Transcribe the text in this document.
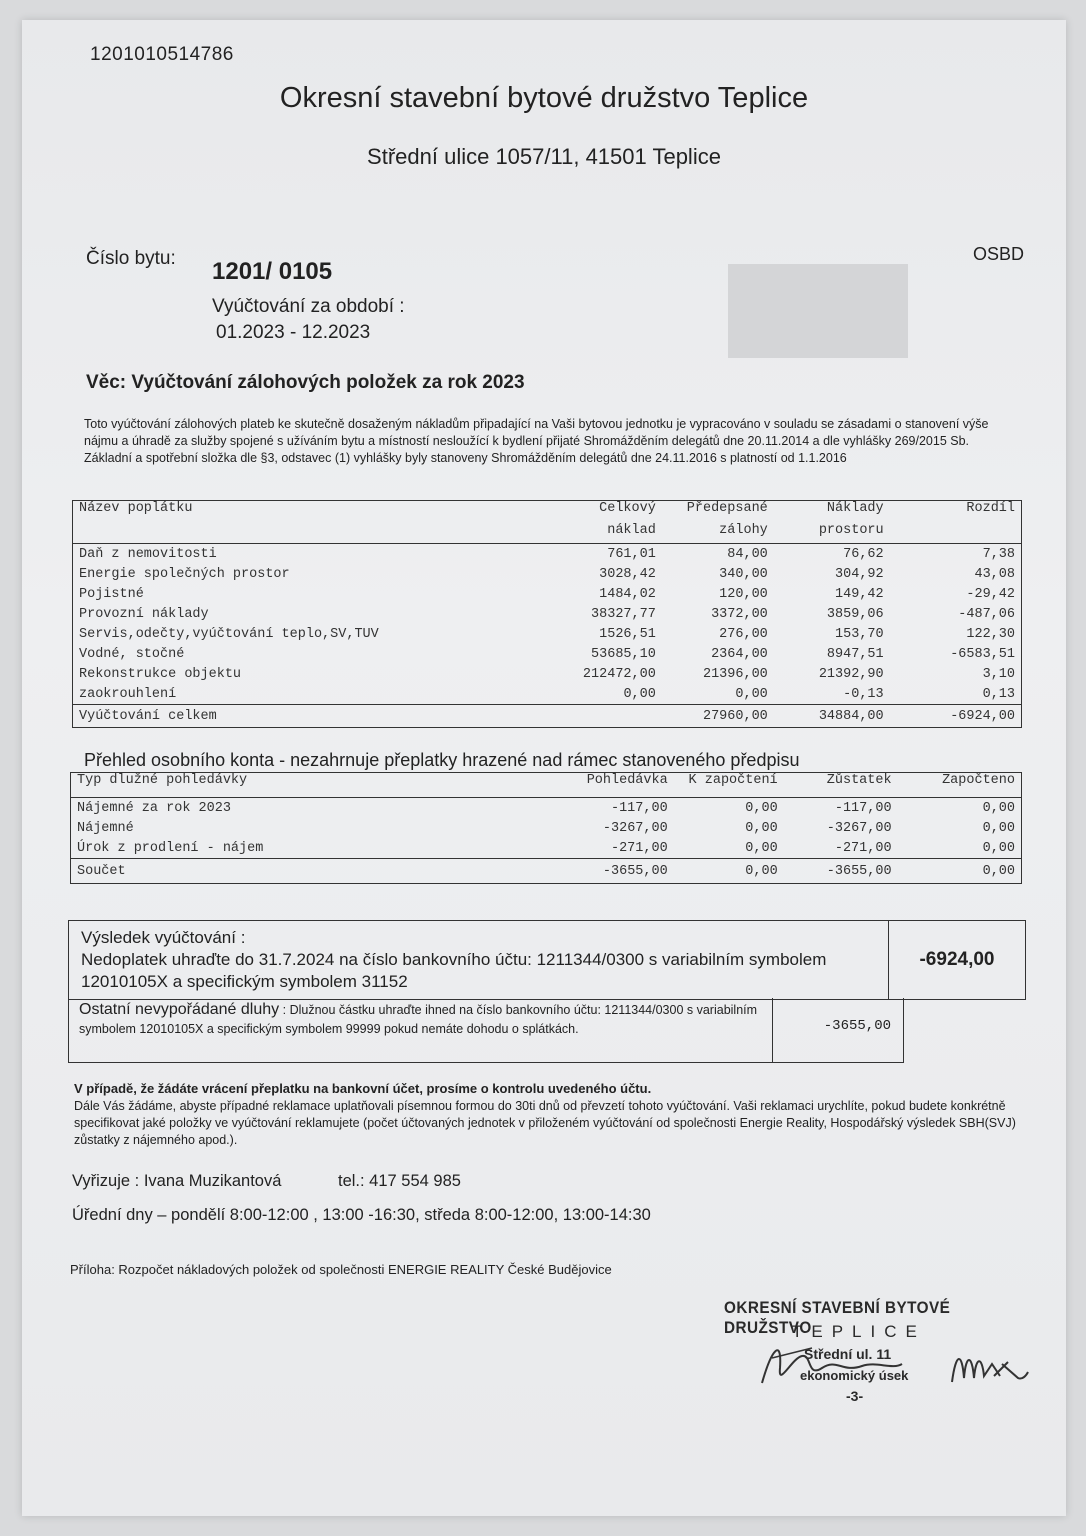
1201010514786
Okresní stavební bytové družstvo Teplice
Střední ulice 1057/11, 41501 Teplice
Číslo bytu: 1201/ 0105
Vyúčtování za období :
01.2023 - 12.2023
OSBD
Věc: Vyúčtování zálohových položek za rok 2023
Toto vyúčtování zálohových plateb ke skutečně dosaženým nákladům připadající na Vaši bytovou jednotku je vypracováno v souladu se zásadami o stanovení výše nájmu a úhradě za služby spojené s užíváním bytu a místností nesloužící k bydlení přijaté Shromážděním delegátů dne 20.11.2014 a dle vyhlášky 269/2015 Sb. Základní a spotřební složka dle §3, odstavec (1) vyhlášky byly stanoveny Shromážděním delegátů dne 24.11.2016 s platností od 1.1.2016
Název poplátku	Celkový	Předepsané	Náklady	Rozdíl
	náklad	zálohy	prostoru	
Daň z nemovitosti	761,01	84,00	76,62	7,38
Energie společných prostor	3028,42	340,00	304,92	43,08
Pojistné	1484,02	120,00	149,42	-29,42
Provozní náklady	38327,77	3372,00	3859,06	-487,06
Servis,odečty,vyúčtování teplo,SV,TUV	1526,51	276,00	153,70	122,30
Vodné, stočné	53685,10	2364,00	8947,51	-6583,51
Rekonstrukce objektu	212472,00	21396,00	21392,90	3,10
zaokrouhlení	0,00	0,00	-0,13	0,13
Vyúčtování celkem		27960,00	34884,00	-6924,00
Přehled osobního konta - nezahrnuje přeplatky hrazené nad rámec stanoveného předpisu
Typ dlužné pohledávky	Pohledávka	K započtení	Zůstatek	Započteno
Nájemné za rok 2023	-117,00	0,00	-117,00	0,00
Nájemné	-3267,00	0,00	-3267,00	0,00
Úrok z prodlení - nájem	-271,00	0,00	-271,00	0,00
Součet	-3655,00	0,00	-3655,00	0,00
Výsledek vyúčtování :
Nedoplatek uhraďte do 31.7.2024 na číslo bankovního účtu: 1211344/0300 s variabilním symbolem
12010105X a specifickým symbolem 31152
-6924,00
Ostatní nevypořádané dluhy : Dlužnou částku uhraďte ihned na číslo bankovního účtu: 1211344/0300 s variabilním symbolem 12010105X a specifickým symbolem 99999 pokud nemáte dohodu o splátkách.	-3655,00
V případě, že žádáte vrácení přeplatku na bankovní účet, prosíme o kontrolu uvedeného účtu.
Dále Vás žádáme, abyste případné reklamace uplatňovali písemnou formou do 30ti dnů od převzetí tohoto vyúčtování. Vaši reklamaci urychlíte, pokud budete konkrétně specifikovat jaké položky ve vyúčtování reklamujete (počet účtovaných jednotek v přiloženém vyúčtování od společnosti Energie Reality, Hospodářský výsledek SBH(SVJ) zůstatky z nájemného apod.).
Vyřizuje : Ivana Muzikantová	tel.: 417 554 985
Úřední dny – pondělí 8:00-12:00 , 13:00 -16:30, středa 8:00-12:00, 13:00-14:30
Příloha: Rozpočet nákladových položek od společnosti ENERGIE REALITY České Budějovice
OKRESNÍ STAVEBNÍ BYTOVÉ DRUŽSTVO
TEPLICE
Střední ul. 11
ekonomický úsek
-3-
